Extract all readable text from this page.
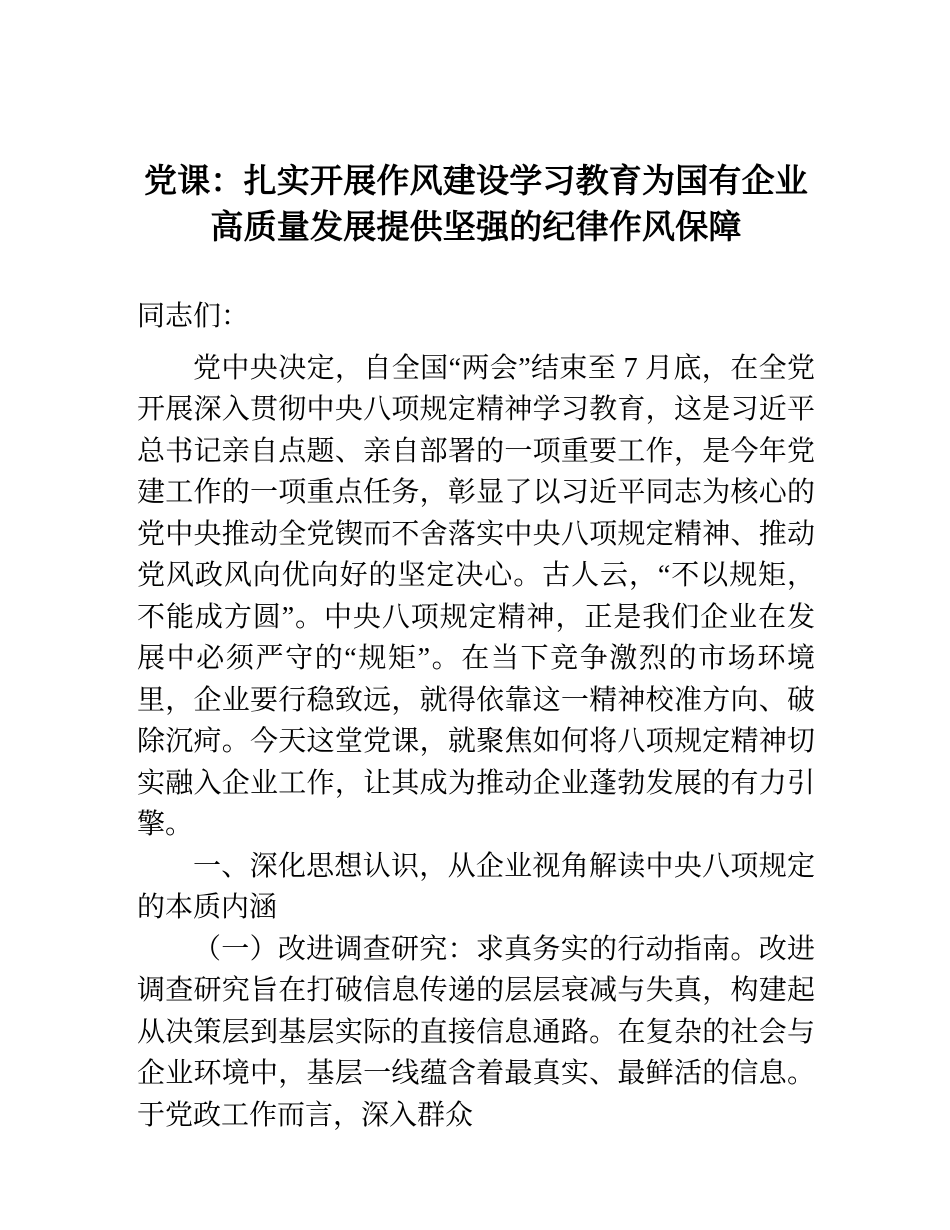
党课：扎实开展作风建设学习教育为国有企业
高质量发展提供坚强的纪律作风保障

同志们：

党中央决定，自全国“两会”结束至 7 月底，在全党开展深入贯彻中央八项规定精神学习教育，这是习近平总书记亲自点题、亲自部署的一项重要工作，是今年党建工作的一项重点任务，彰显了以习近平同志为核心的党中央推动全党锲而不舍落实中央八项规定精神、推动党风政风向优向好的坚定决心。古人云，“不以规矩，不能成方圆”。中央八项规定精神，正是我们企业在发展中必须严守的“规矩”。在当下竞争激烈的市场环境里，企业要行稳致远，就得依靠这一精神校准方向、破除沉疴。今天这堂党课，就聚焦如何将八项规定精神切实融入企业工作，让其成为推动企业蓬勃发展的有力引擎。

一、深化思想认识，从企业视角解读中央八项规定的本质内涵

（一）改进调查研究：求真务实的行动指南。改进调查研究旨在打破信息传递的层层衰减与失真，构建起从决策层到基层实际的直接信息通路。在复杂的社会与企业环境中，基层一线蕴含着最真实、最鲜活的信息。于党政工作而言，深入群众
